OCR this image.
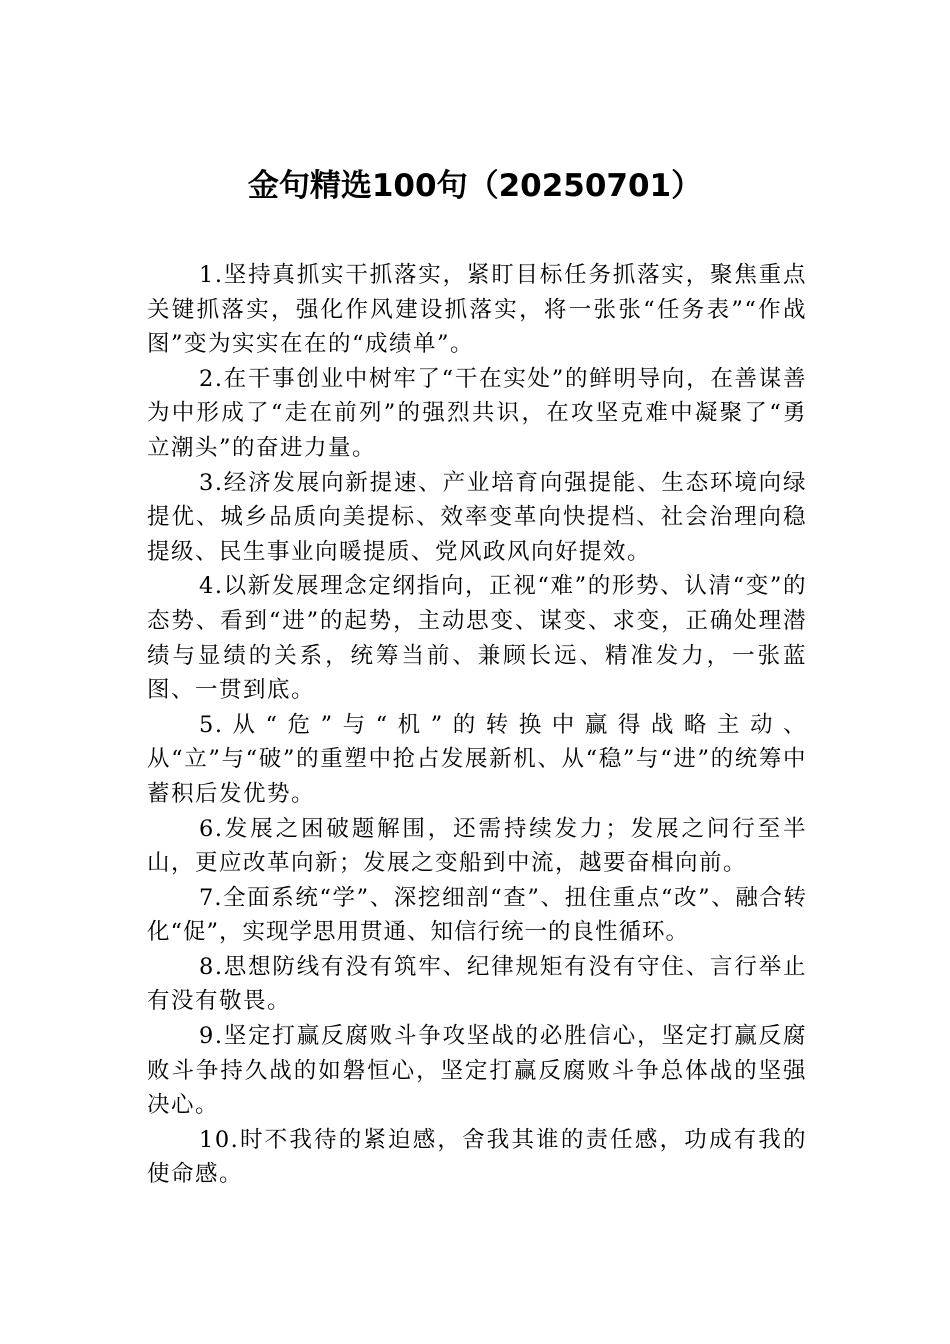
金句精选100句（20250701）

1.坚持真抓实干抓落实，紧盯目标任务抓落实，聚焦重点关键抓落实，强化作风建设抓落实，将一张张“任务表”“作战图”变为实实在在的“成绩单”。

2.在干事创业中树牢了“干在实处”的鲜明导向，在善谋善为中形成了“走在前列”的强烈共识，在攻坚克难中凝聚了“勇立潮头”的奋进力量。

3.经济发展向新提速、产业培育向强提能、生态环境向绿提优、城乡品质向美提标、效率变革向快提档、社会治理向稳提级、民生事业向暖提质、党风政风向好提效。

4.以新发展理念定纲指向，正视“难”的形势、认清“变”的态势、看到“进”的起势，主动思变、谋变、求变，正确处理潜绩与显绩的关系，统筹当前、兼顾长远、精准发力，一张蓝图、一贯到底。

5.从“危”与“机”的转换中赢得战略主动、从“立”与“破”的重塑中抢占发展新机、从“稳”与“进”的统筹中蓄积后发优势。

6.发展之困破题解围，还需持续发力；发展之问行至半山，更应改革向新；发展之变船到中流，越要奋楫向前。

7.全面系统“学”、深挖细剖“查”、扭住重点“改”、融合转化“促”，实现学思用贯通、知信行统一的良性循环。

8.思想防线有没有筑牢、纪律规矩有没有守住、言行举止有没有敬畏。

9.坚定打赢反腐败斗争攻坚战的必胜信心，坚定打赢反腐败斗争持久战的如磐恒心，坚定打赢反腐败斗争总体战的坚强决心。

10.时不我待的紧迫感，舍我其谁的责任感，功成有我的使命感。
